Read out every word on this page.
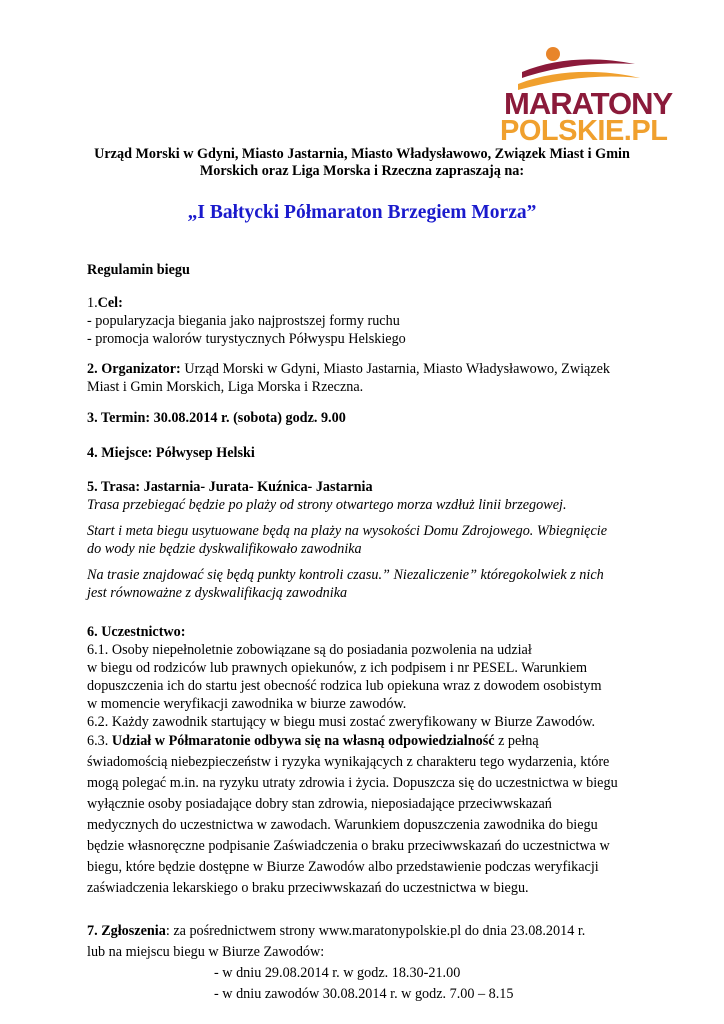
MARATONY
POLSKIE.PL
Urząd Morski w Gdyni, Miasto Jastarnia, Miasto Władysławowo, Związek Miast i Gmin
Morskich oraz Liga Morska i Rzeczna zapraszają na:
„I Bałtycki Półmaraton Brzegiem Morza”
Regulamin biegu

1.Cel:

- popularyzacja biegania jako najprostszej formy ruchu

- promocja walorów turystycznych Półwyspu Helskiego

2. Organizator: Urząd Morski w Gdyni, Miasto Jastarnia, Miasto Władysławowo, Związek

Miast i Gmin Morskich, Liga Morska i Rzeczna.

3. Termin: 30.08.2014 r. (sobota) godz. 9.00
4. Miejsce: Półwysep Helski

5. Trasa: Jastarnia- Jurata- Kuźnica- Jastarnia

Trasa przebiegać będzie po plaży od strony otwartego morza wzdłuż linii brzegowej.

Start i meta biegu usytuowane będą na plaży na wysokości Domu Zdrojowego. Wbiegnięcie

do wody nie będzie dyskwalifikowało zawodnika

Na trasie znajdować się będą punkty kontroli czasu.” Niezaliczenie” któregokolwiek z nich

jest równoważne z dyskwalifikacją zawodnika

6. Uczestnictwo:

6.1. Osoby niepełnoletnie zobowiązane są do posiadania pozwolenia na udział

w biegu od rodziców lub prawnych opiekunów, z ich podpisem i nr PESEL. Warunkiem

dopuszczenia ich do startu jest obecność rodzica lub opiekuna wraz z dowodem osobistym

w momencie weryfikacji zawodnika w biurze zawodów.

6.2. Każdy zawodnik startujący w biegu musi zostać zweryfikowany w Biurze Zawodów.

6.3. Udział w Półmaratonie odbywa się na własną odpowiedzialność z pełną

świadomością niebezpieczeństw i ryzyka wynikających z charakteru tego wydarzenia, które

mogą polegać m.in. na ryzyku utraty zdrowia i życia. Dopuszcza się do uczestnictwa w biegu

wyłącznie osoby posiadające dobry stan zdrowia, nieposiadające przeciwwskazań

medycznych do uczestnictwa w zawodach. Warunkiem dopuszczenia zawodnika do biegu

będzie własnoręczne podpisanie Zaświadczenia o braku przeciwwskazań do uczestnictwa w

biegu, które będzie dostępne w Biurze Zawodów albo przedstawienie podczas weryfikacji

zaświadczenia lekarskiego o braku przeciwwskazań do uczestnictwa w biegu.

7. Zgłoszenia: za pośrednictwem strony www.maratonypolskie.pl do dnia 23.08.2014 r.

lub na miejscu biegu w Biurze Zawodów:

- w dniu 29.08.2014 r. w godz. 18.30-21.00

- w dniu zawodów 30.08.2014 r. w godz. 7.00 – 8.15
